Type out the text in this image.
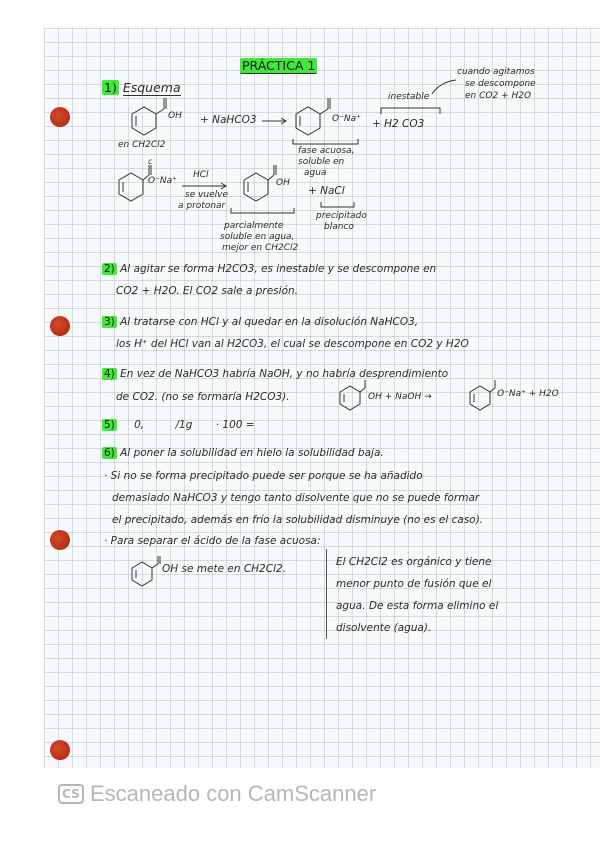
PRÁCTICA 1
1) Esquema
OH
en CH2Cl2
+ NaHCO3 →	O⁻Na⁺ + H2 CO3
fase acuosa,
soluble en
agua
inestable
cuando agitamos
se descompone
en CO2 + H2O
c
O⁻Na⁺
HCl
se vuelve
a protonar
OH
+ NaCl
parcialmente
soluble en agua,
mejor en CH2Cl2
precipitado
blanco
2) Al agitar se forma H2CO3, es inestable y se descompone en
CO2 + H2O. El CO2 sale a presión.
3) Al tratarse con HCl y al quedar en la disolución NaHCO3,
los H⁺ del HCl van al H2CO3, el cual se descompone en CO2 y H2O
4) En vez de NaHCO3 habría NaOH, y no habría desprendimiento
de CO2. (no se formaría H2CO3).	OH + NaOH →	O⁻Na⁺ + H2O
5) 0,	/1g · 100 =
6) Al poner la solubilidad en hielo la solubilidad baja.
· Si no se forma precipitado puede ser porque se ha añadido
demasiado NaHCO3 y tengo tanto disolvente que no se puede formar
el precipitado, además en frío la solubilidad disminuye (no es el caso).
· Para separar el ácido de la fase acuosa:
OH se mete en CH2Cl2.
El CH2Cl2 es orgánico y tiene
menor punto de fusión que el
agua. De esta forma elimino el
disolvente (agua).
CS Escaneado con CamScanner
